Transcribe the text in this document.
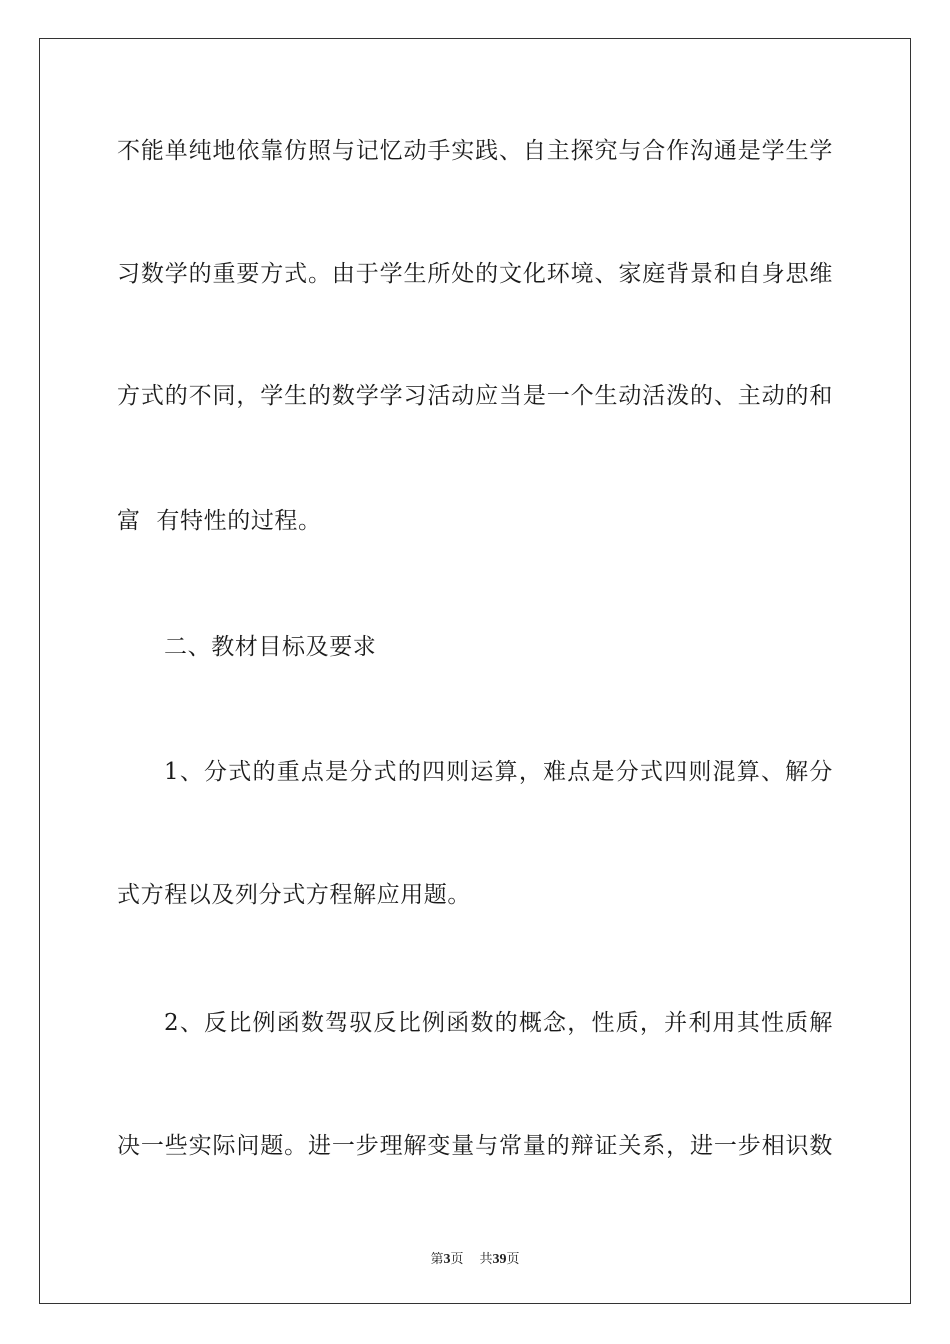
不能单纯地依靠仿照与记忆动手实践、自主探究与合作沟通是学生学
习数学的重要方式。由于学生所处的文化环境、家庭背景和自身思维
方式的不同，学生的数学学习活动应当是一个生动活泼的、主动的和
富  有特性的过程。
二、教材目标及要求
1、分式的重点是分式的四则运算，难点是分式四则混算、解分
式方程以及列分式方程解应用题。
2、反比例函数驾驭反比例函数的概念，性质，并利用其性质解
决一些实际问题。进一步理解变量与常量的辩证关系，进一步相识数
第3页 共39页
